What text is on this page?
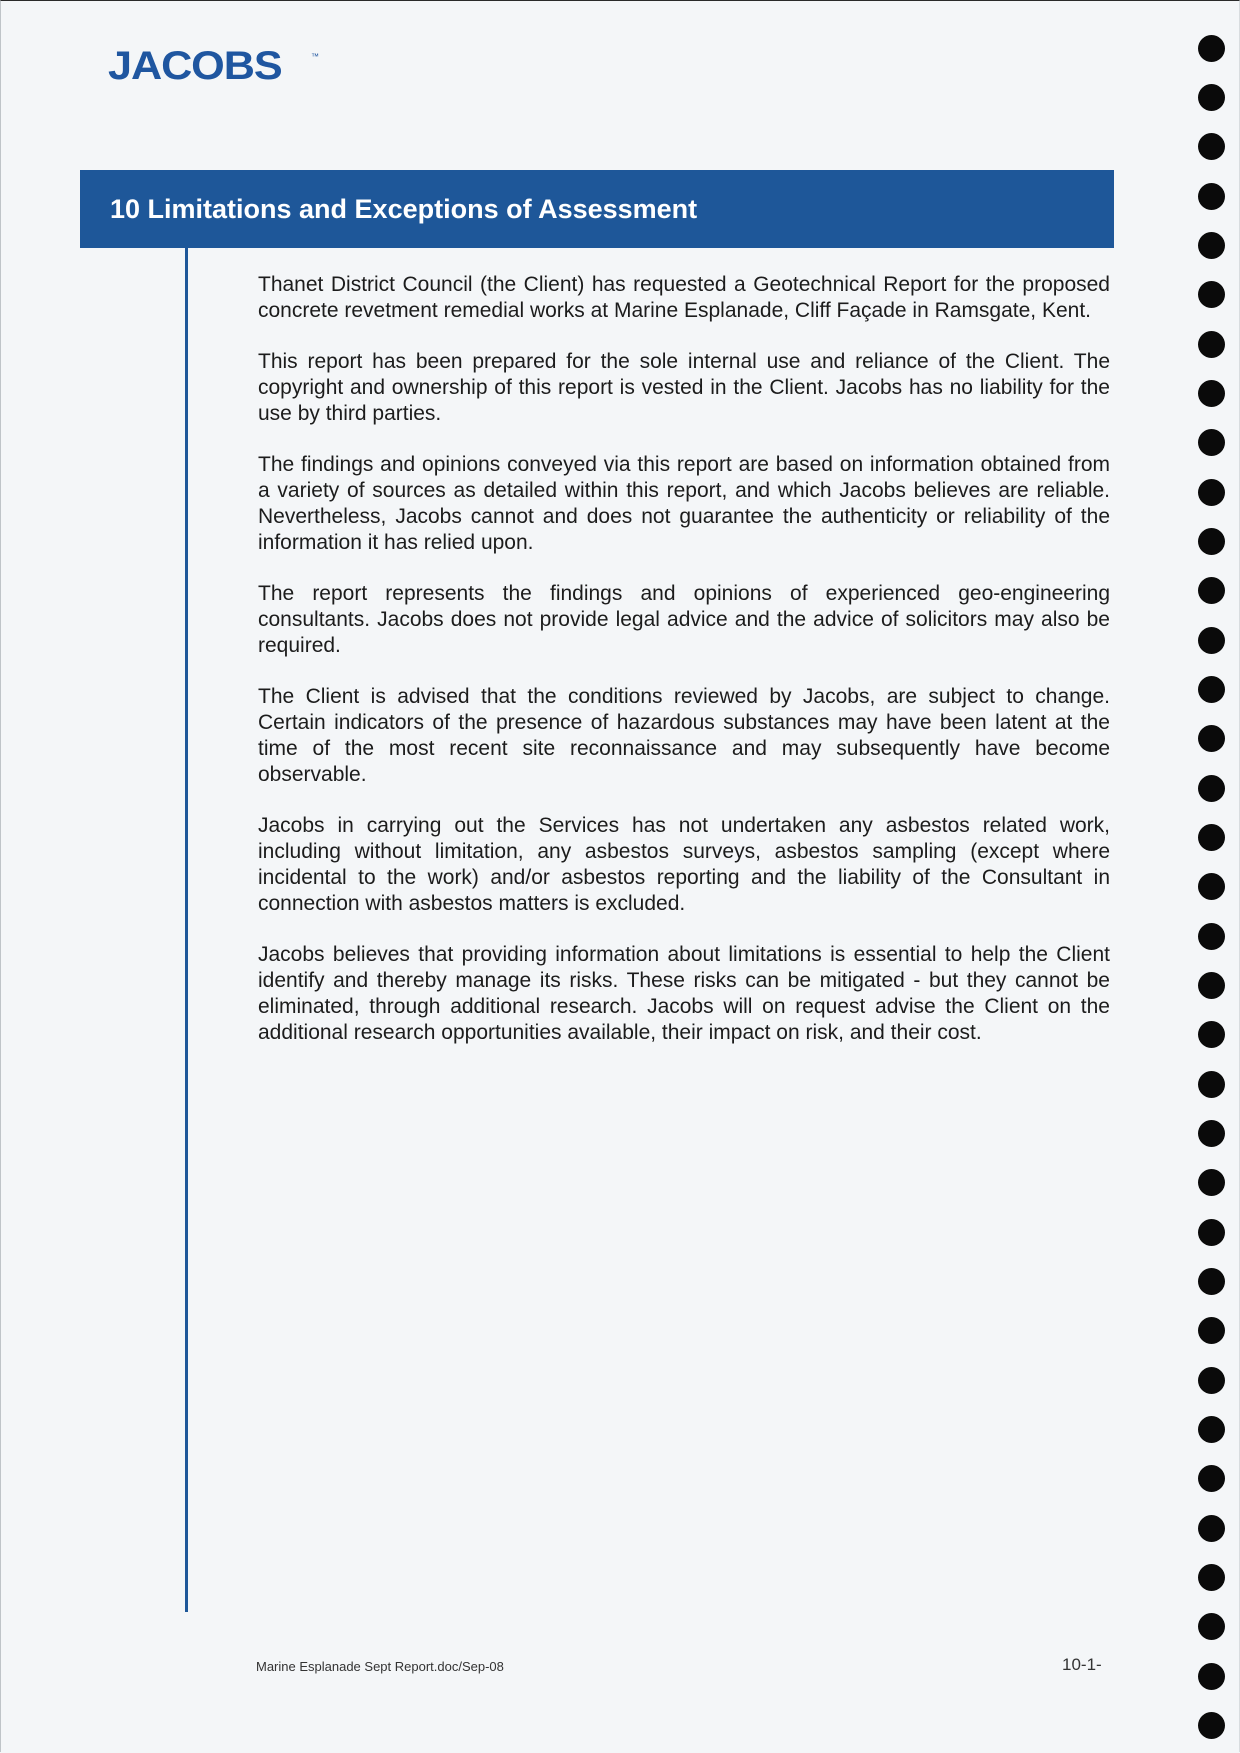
JACOBS	™
10 Limitations and Exceptions of Assessment

Thanet District Council (the Client) has requested a Geotechnical Report for the proposed concrete revetment remedial works at Marine Esplanade, Cliff Façade in Ramsgate, Kent.

This report has been prepared for the sole internal use and reliance of the Client. The copyright and ownership of this report is vested in the Client. Jacobs has no liability for the use by third parties.

The findings and opinions conveyed via this report are based on information obtained from a variety of sources as detailed within this report, and which Jacobs believes are reliable. Nevertheless, Jacobs cannot and does not guarantee the authenticity or reliability of the information it has relied upon.

The report represents the findings and opinions of experienced geo-engineering consultants. Jacobs does not provide legal advice and the advice of solicitors may also be required.

The Client is advised that the conditions reviewed by Jacobs, are subject to change. Certain indicators of the presence of hazardous substances may have been latent at the time of the most recent site reconnaissance and may subsequently have become observable.

Jacobs in carrying out the Services has not undertaken any asbestos related work, including without limitation, any asbestos surveys, asbestos sampling (except where incidental to the work) and/or asbestos reporting and the liability of the Consultant in connection with asbestos matters is excluded.

Jacobs believes that providing information about limitations is essential to help the Client identify and thereby manage its risks. These risks can be mitigated - but they cannot be eliminated, through additional research. Jacobs will on request advise the Client on the additional research opportunities available, their impact on risk, and their cost.

Marine Esplanade Sept Report.doc/Sep-08	10-1-
